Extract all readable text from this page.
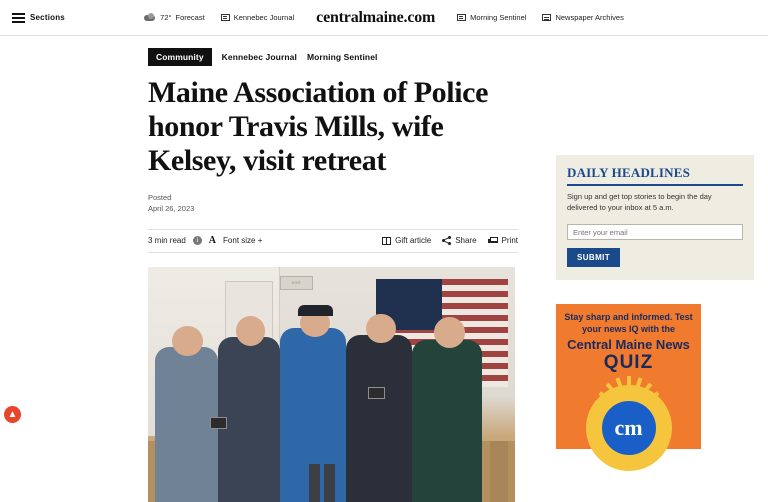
Sections	72° Forecast	Kennebec Journal	centralmaine.com	Morning Sentinel	Newspaper Archives
Community	Kennebec Journal Morning Sentinel
Maine Association of Police honor Travis Mills, wife Kelsey, visit retreat
Posted
April 26, 2023
3 min read	i	A Font size +	Gift article	Share	Print
EXIT
DAILY HEADLINES
Sign up and get top stories to begin the day delivered to your inbox at 5 a.m.
Enter your email SUBMIT
Stay sharp and informed. Test your news IQ with the
Central Maine News
QUIZ
cm
▲
